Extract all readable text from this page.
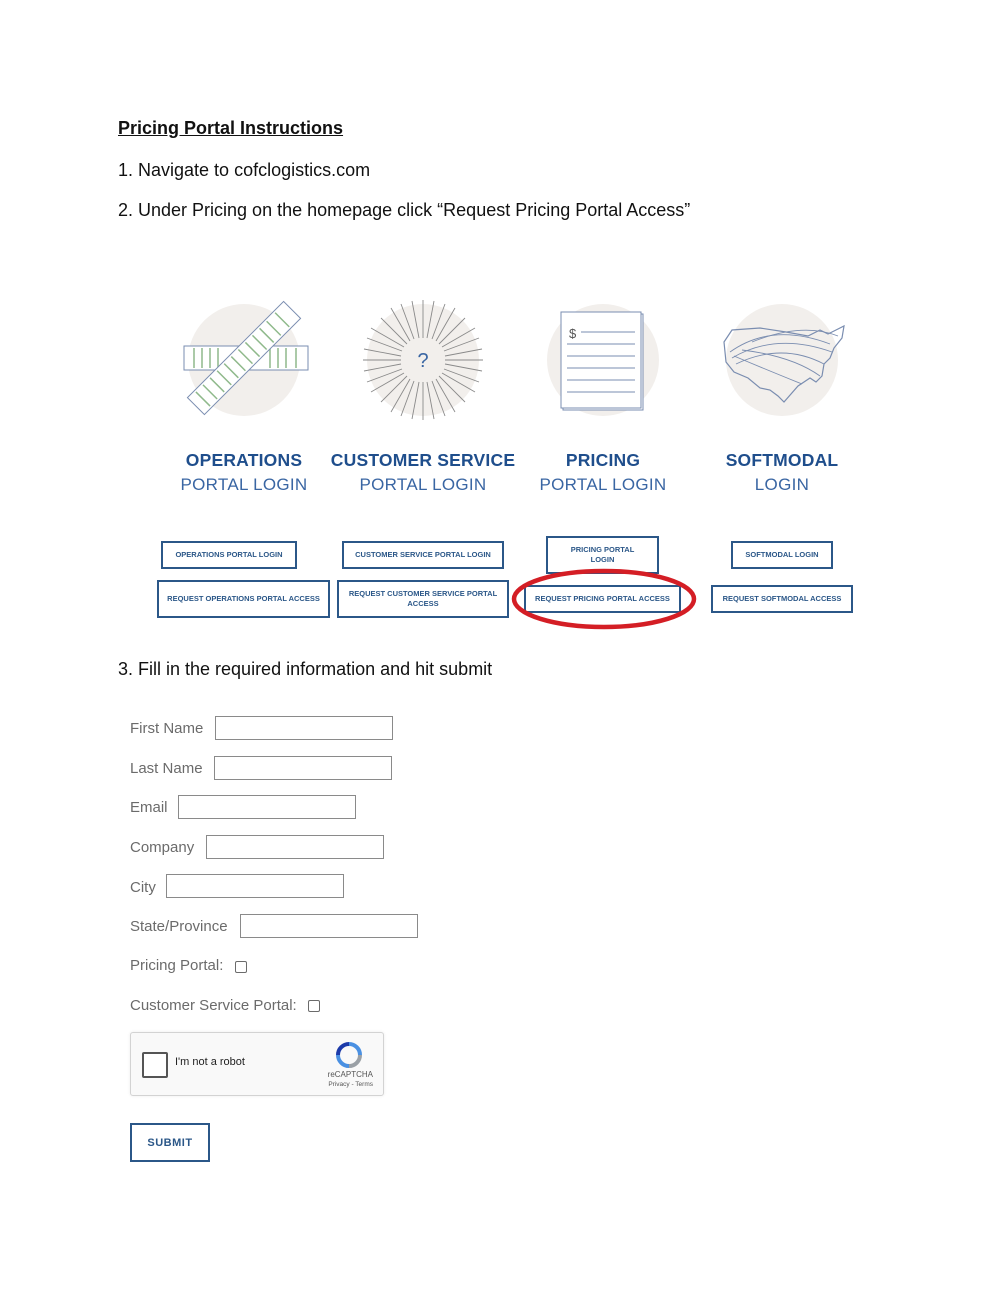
Pricing Portal Instructions
1. Navigate to cofclogistics.com
2. Under Pricing on the homepage click “Request Pricing Portal Access”
OPERATIONS
PORTAL LOGIN
?
CUSTOMER SERVICE
PORTAL LOGIN
$
PRICING
PORTAL LOGIN
SOFTMODAL
LOGIN
OPERATIONS PORTAL LOGIN
REQUEST OPERATIONS PORTAL ACCESS
CUSTOMER SERVICE PORTAL LOGIN
REQUEST CUSTOMER SERVICE PORTAL ACCESS
PRICING PORTAL LOGIN
REQUEST PRICING PORTAL ACCESS
SOFTMODAL LOGIN
REQUEST SOFTMODAL ACCESS
3. Fill in the required information and hit submit
First Name
Last Name
Email
Company
City
State/Province
Pricing Portal:
Customer Service Portal:
I'm not a robot
reCAPTCHA
Privacy - Terms
SUBMIT
